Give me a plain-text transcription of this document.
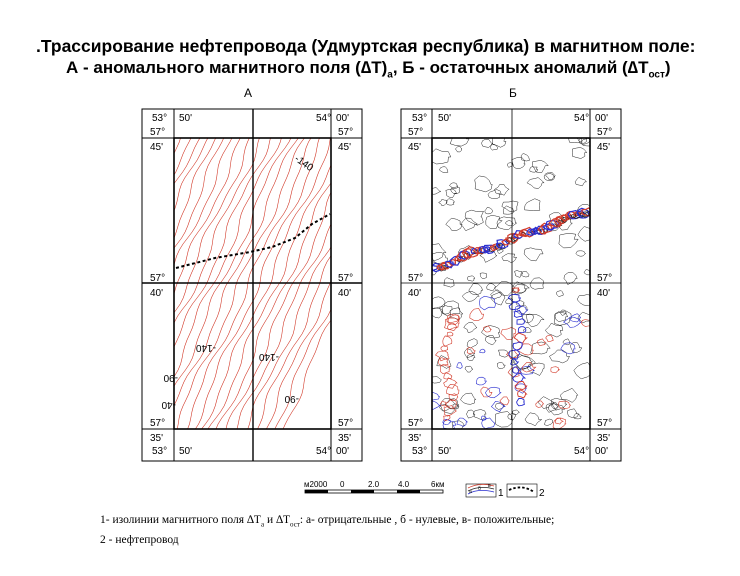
.Трассирование нефтепровода (Удмуртская республика) в магнитном поле:
А - аномального магнитного поля $(\Delta T)_а$, Б - остаточных аномалий $(\Delta T_{ост})$
А	Б
53° 50'	54° 00'
57°
45'
57°
45'
57°
40'
57°
40'
57°
35'
57°
35'
53° 50'	54° 00'
-140
-140
-140
-90
-90
-40
53° 50'	54° 00'
57°
45'
57°
45'
57°
40'
57°
40'
57°
35'
57°
35'
53° 50'	54° 00'
м2000 0	2.0 4.0	6км
а б в
1	2
1- изолинии магнитного поля $\Delta T_а$ и $\Delta T_{ост}$: а- отрицательные , б - нулевые, в- положительные;
2 - нефтепровод
